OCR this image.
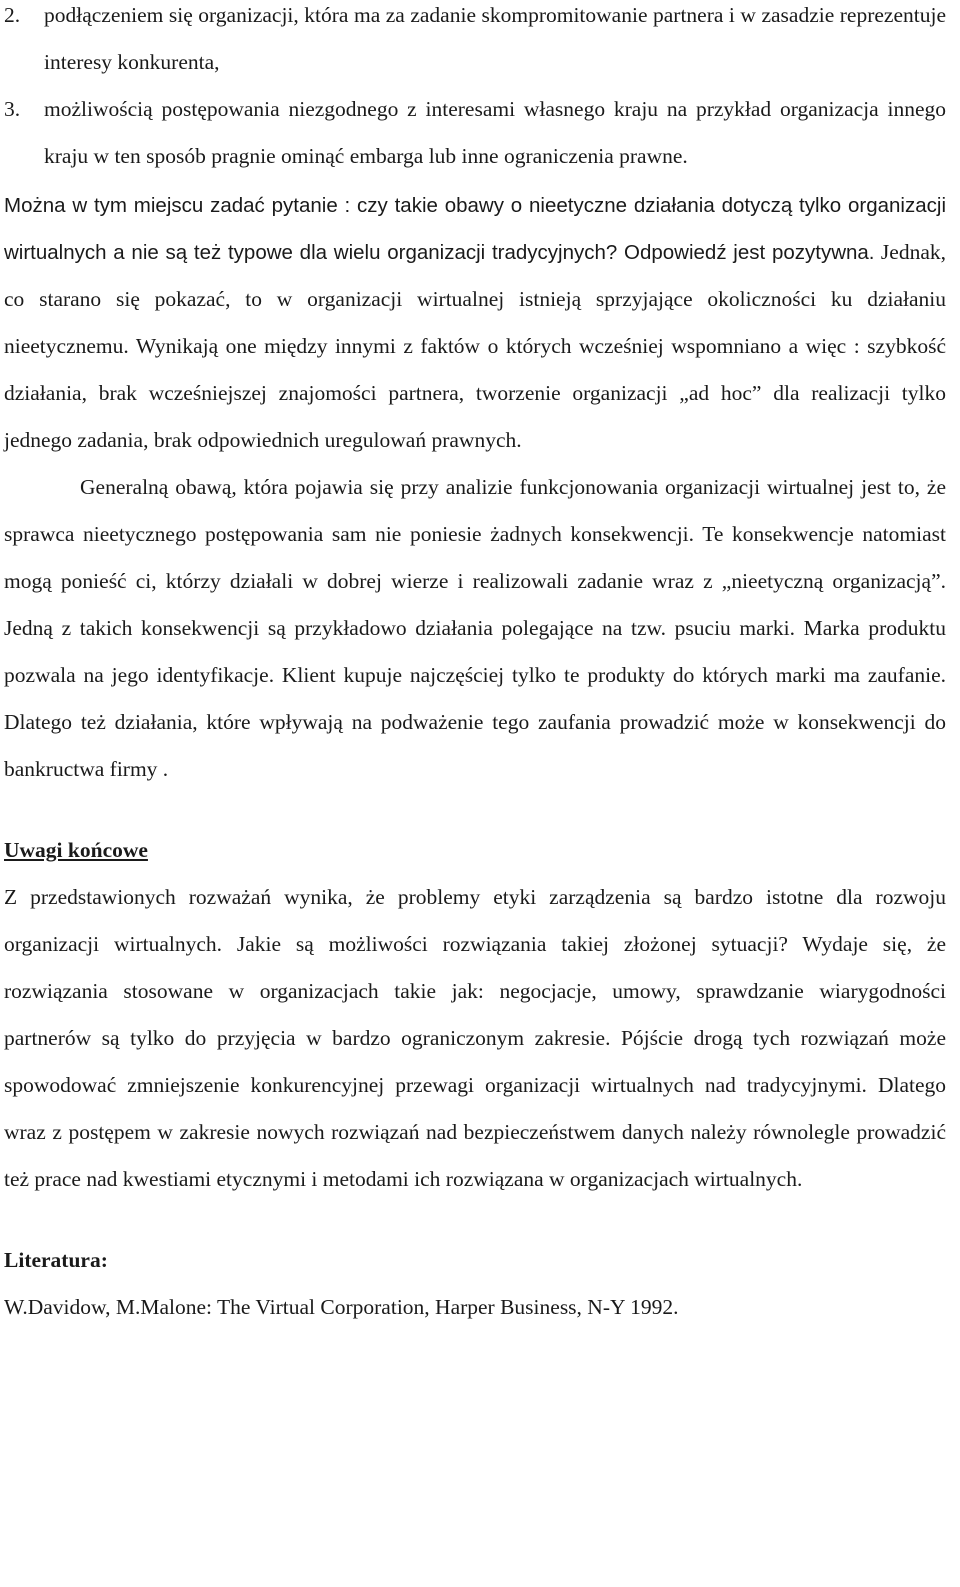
2.	podłączeniem się organizacji, która ma za zadanie skompromitowanie partnera i w zasadzie reprezentuje interesy konkurenta,
3.	możliwością postępowania niezgodnego z interesami własnego kraju na przykład organizacja innego kraju w ten sposób pragnie ominąć embarga lub inne ograniczenia prawne.

Można w tym miejscu zadać pytanie : czy takie obawy o nieetyczne działania dotyczą tylko organizacji wirtualnych a nie są też typowe dla wielu organizacji tradycyjnych? Odpowiedź jest pozytywna. Jednak, co starano się pokazać, to w organizacji wirtualnej istnieją sprzyjające okoliczności ku działaniu nieetycznemu. Wynikają one między innymi z faktów o których wcześniej wspomniano a więc : szybkość działania, brak wcześniejszej znajomości partnera, tworzenie organizacji „ad hoc” dla realizacji tylko jednego zadania, brak odpowiednich uregulowań prawnych.

Generalną obawą, która pojawia się przy analizie funkcjonowania organizacji wirtualnej jest to, że sprawca nieetycznego postępowania sam nie poniesie żadnych konsekwencji. Te konsekwencje natomiast mogą ponieść ci, którzy działali w dobrej wierze i realizowali zadanie wraz z „nieetyczną organizacją”. Jedną z takich konsekwencji są przykładowo działania polegające na tzw. psuciu marki. Marka produktu pozwala na jego identyfikacje. Klient kupuje najczęściej tylko te produkty do których marki ma zaufanie. Dlatego też działania, które wpływają na podważenie tego zaufania prowadzić może w konsekwencji do bankructwa firmy .

Uwagi końcowe

Z przedstawionych rozważań wynika, że problemy etyki zarządzenia są bardzo istotne dla rozwoju organizacji wirtualnych. Jakie są możliwości rozwiązania takiej złożonej sytuacji? Wydaje się, że rozwiązania stosowane w organizacjach takie jak: negocjacje, umowy, sprawdzanie wiarygodności partnerów są tylko do przyjęcia w bardzo ograniczonym zakresie. Pójście drogą tych rozwiązań może spowodować zmniejszenie konkurencyjnej przewagi organizacji wirtualnych nad tradycyjnymi. Dlatego wraz z postępem w zakresie nowych rozwiązań nad bezpieczeństwem danych należy równolegle prowadzić też prace nad kwestiami etycznymi i metodami ich rozwiązana w organizacjach wirtualnych.

Literatura:

W.Davidow, M.Malone: The Virtual Corporation, Harper Business, N-Y 1992.
